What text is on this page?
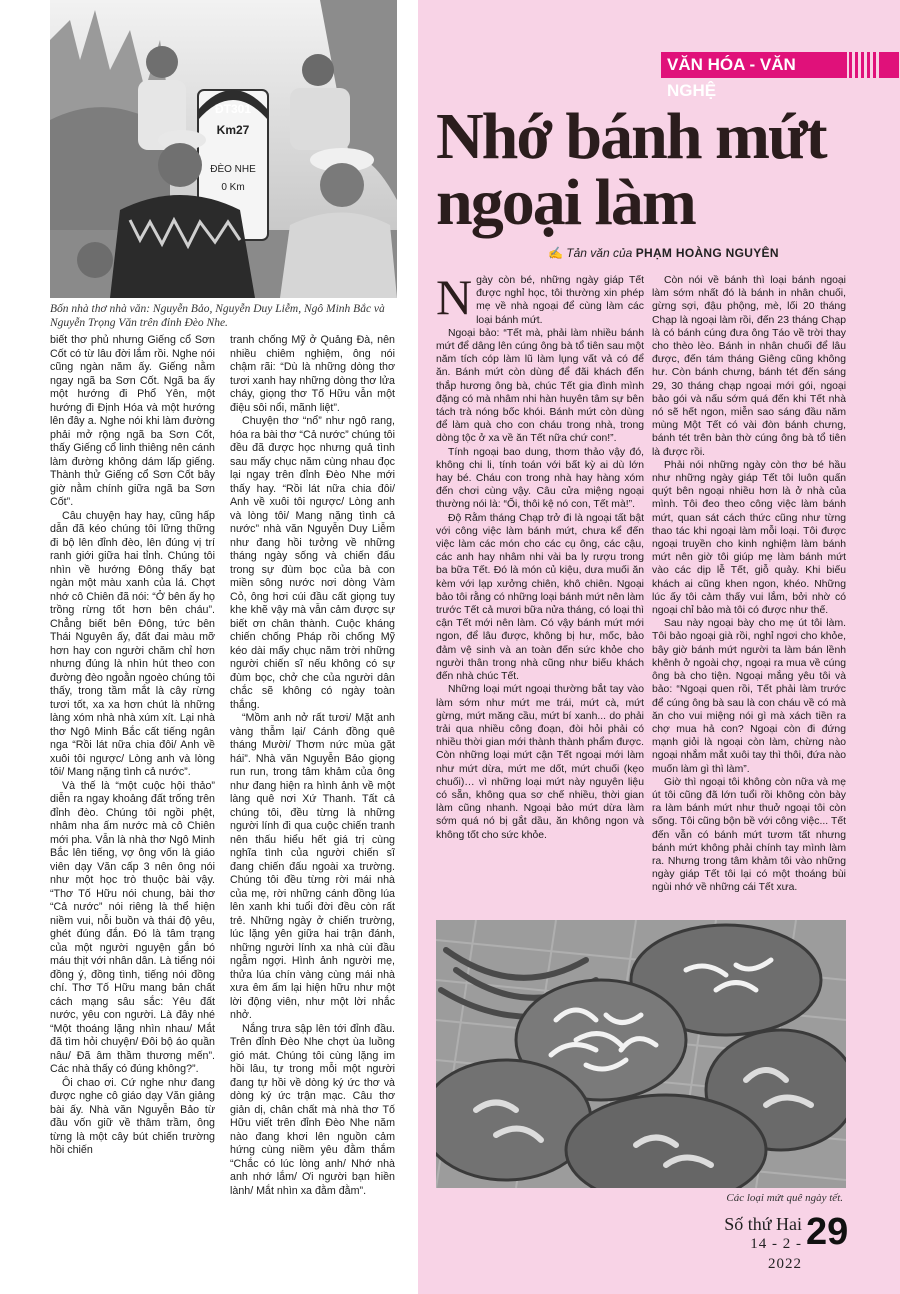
VĂN HÓA - VĂN NGHỆ
ĐT301
Km27
ĐÈO NHE
0 Km
Bốn nhà thơ nhà văn: Nguyễn Bảo, Nguyễn Duy Liễm, Ngô Minh Bắc và Nguyễn Trọng Văn trên đỉnh Đèo Nhe.
Nhớ bánh mứt
ngoại làm
✍ Tản văn của PHẠM HOÀNG NGUYÊN

biết thơ phủ nhưng Giếng cổ Sơn Cốt có từ lâu đời lắm rồi. Nghe nói cũng ngàn năm ấy. Giếng nằm ngay ngã ba Sơn Cốt. Ngã ba ấy một hướng đi Phổ Yên, một hướng đi Định Hóa và một hướng lên đây a. Nghe nói khi làm đường phải mở rộng ngã ba Sơn Cốt, thấy Giếng cổ linh thiêng nên cánh làm đường không dám lấp giếng. Thành thử Giếng cổ Sơn Cốt bây giờ nằm chính giữa ngã ba Sơn Cốt”.

Câu chuyện hay hay, cũng hấp dẫn đã kéo chúng tôi lững thững đi bộ lên đỉnh đèo, lên đúng vị trí ranh giới giữa hai tỉnh. Chúng tôi nhìn về hướng Đông thấy bạt ngàn một màu xanh của lá. Chợt nhớ cô Chiên đã nói: “Ở bên ấy họ trồng rừng tốt hơn bên cháu”. Chẳng biết bên Đông, tức bên Thái Nguyên ấy, đất đai màu mỡ hơn hay con người chăm chỉ hơn nhưng đúng là nhìn hút theo con đường đèo ngoằn ngoèo chúng tôi thấy, trong tầm mắt là cây rừng tươi tốt, xa xa hơn chút là những làng xóm nhà nhà xúm xít. Lại nhà thơ Ngô Minh Bắc cất tiếng ngân nga “Rồi lát nữa chia đôi/ Anh về xuôi tôi ngược/ Lòng anh và lòng tôi/ Mang nặng tình cả nước”.

Và thế là “một cuộc hội thảo” diễn ra ngay khoảng đất trống trên đỉnh đèo. Chúng tôi ngồi phệt, nhâm nha ấm nước mà cô Chiên mới pha. Vẫn là nhà thơ Ngô Minh Bắc lên tiếng, vợ ông vốn là giáo viên dạy Văn cấp 3 nên ông nói như một học trò thuộc bài vậy. “Thơ Tố Hữu nói chung, bài thơ “Cả nước” nói riêng là thể hiện niềm vui, nỗi buồn và thái độ yêu, ghét đúng đắn. Đó là tâm trạng của một người nguyện gắn bó máu thịt với nhân dân. Là tiếng nói đồng ý, đồng tình, tiếng nói đồng chí. Thơ Tố Hữu mang bản chất cách mạng sâu sắc: Yêu đất nước, yêu con người. Là đây nhé “Một thoáng lặng nhìn nhau/ Mắt đã tìm hỏi chuyện/ Đôi bộ áo quần nâu/ Đã âm thầm thương mến”. Các nhà thấy có đúng không?”.

Ôi chao ơi. Cứ nghe như đang được nghe cô giáo dạy Văn giảng bài ấy. Nhà văn Nguyễn Bảo từ đầu vốn giữ về thâm trầm, ông từng là một cây bút chiến trường hồi chiến

tranh chống Mỹ ở Quảng Đà, nên nhiều chiêm nghiệm, ông nói chậm rãi: “Dù là những dòng thơ tươi xanh hay những dòng thơ lửa cháy, giọng thơ Tố Hữu vẫn một điệu sôi nổi, mãnh liệt”.

Chuyện thơ “nổ” như ngô rang, hóa ra bài thơ “Cả nước” chúng tôi đều đã được học nhưng quả tình sau mấy chục năm cùng nhau đọc lại ngay trên đỉnh Đèo Nhe mới thấy hay. “Rồi lát nữa chia đôi/ Anh về xuôi tôi ngược/ Lòng anh và lòng tôi/ Mang nặng tình cả nước” nhà văn Nguyễn Duy Liễm như đang hồi tưởng về những tháng ngày sống và chiến đấu trong sự đùm bọc của bà con miền sông nước nơi dòng Vàm Cỏ, ông hơi cúi đầu cất giọng tuy khe khẽ vậy mà vẫn cảm được sự biết ơn chân thành. Cuộc kháng chiến chống Pháp rồi chống Mỹ kéo dài mấy chục năm trời những người chiến sĩ nếu không có sự đùm bọc, chở che của người dân chắc sẽ không có ngày toàn thắng.

“Mồm anh nở rất tươi/ Mặt anh vàng thẫm lại/ Cánh đồng quê tháng Mười/ Thơm nức mùa gặt hái”. Nhà văn Nguyễn Bảo giọng run run, trong tâm khảm của ông như đang hiện ra hình ảnh về một làng quê nơi Xứ Thanh. Tất cả chúng tôi, đều từng là những người lính đi qua cuộc chiến tranh nên thấu hiểu hết giá trị cùng nghĩa tình của người chiến sĩ đang chiến đấu ngoài xa trường. Chúng tôi đều từng rời mái nhà của mẹ, rời những cánh đồng lúa lên xanh khi tuổi đời đều còn rất trẻ. Những ngày ở chiến trường, lúc lặng yên giữa hai trận đánh, những người lính xa nhà cùi đầu ngẫm ngợi. Hình ảnh người mẹ, thửa lúa chín vàng cùng mái nhà xưa êm ấm lại hiện hữu như một lời động viên, như một lời nhắc nhở.

Nắng trưa sập lên tới đỉnh đầu. Trên đỉnh Đèo Nhe chợt ùa luồng gió mát. Chúng tôi cùng lặng im hồi lâu, tự trong mỗi một người đang tự hồi về dòng ký ức thơ và dòng ký ức trận mạc. Câu thơ giản dị, chân chất mà nhà thơ Tố Hữu viết trên đỉnh Đèo Nhe năm nào đang khơi lên nguồn cảm hứng cùng niềm yêu đằm thắm “Chắc có lúc lòng anh/ Nhớ nhà anh nhớ lắm/ Ơi người bạn hiền lành/ Mắt nhìn xa đằm đằm”.

Ngày còn bé, những ngày giáp Tết được nghỉ học, tôi thường xin phép mẹ về nhà ngoại để cùng làm các loại bánh mứt.

Ngoại bảo: “Tết mà, phải làm nhiều bánh mứt để dâng lên cúng ông bà tổ tiên sau một năm tích cóp làm lũ làm lụng vất vả có để ăn. Bánh mứt còn dùng để đãi khách đến thắp hương ông bà, chúc Tết gia đình mình đặng có mà nhâm nhi hàn huyên tâm sự bên tách trà nóng bốc khói. Bánh mứt còn dùng để làm quà cho con cháu trong nhà, trong dòng tộc ở xa về ăn Tết nữa chứ con!”.

Tính ngoại bao dung, thơm thảo vậy đó, không chi li, tính toán với bất kỳ ai dù lớn hay bé. Cháu con trong nhà hay hàng xóm đến chơi cùng vậy. Câu cửa miệng ngoại thường nói là: “Ối, thôi kệ nó con, Tết mà!”.

Độ Rằm tháng Chạp trở đi là ngoại tất bật với công việc làm bánh mứt, chưa kể đến việc làm các món cho các cụ ông, các cậu, các anh hay nhâm nhi vài ba ly rượu trong ba bữa Tết. Đó là món củ kiệu, dưa muối ăn kèm với lạp xưởng chiên, khô chiên. Ngoại bảo tôi rằng có những loại bánh mứt nên làm trước Tết cả mươi bữa nửa tháng, có loại thì cận Tết mới nên làm. Có vậy bánh mứt mới ngon, để lâu được, không bị hư, mốc, bảo đảm vệ sinh và an toàn đến sức khỏe cho người thân trong nhà cũng như biếu khách đến nhà chúc Tết.

Những loại mứt ngoại thường bắt tay vào làm sớm như mứt me trái, mứt cà, mứt gừng, mứt măng cầu, mứt bí xanh... do phải trải qua nhiều công đoạn, đòi hỏi phải có nhiều thời gian mới thành thành phẩm được. Còn những loại mứt cận Tết ngoại mới làm như mứt dừa, mứt me dốt, mứt chuối (kẹo chuối)… vì những loại mứt này nguyên liệu có sẵn, không qua sơ chế nhiều, thời gian làm cũng nhanh. Ngoại bảo mứt dừa làm sớm quá nó bị gắt dầu, ăn không ngon và không tốt cho sức khỏe.

Còn nói về bánh thì loại bánh ngoại làm sớm nhất đó là bánh in nhân chuối, gừng sợi, đậu phộng, mè, lối 20 tháng Chạp là ngoại làm rồi, đến 23 tháng Chạp là có bánh cúng đưa ông Táo về trời thay cho thèo lèo. Bánh in nhân chuối để lâu được, đến tám tháng Giêng cũng không hư. Còn bánh chưng, bánh tét đến sáng 29, 30 tháng chạp ngoại mới gói, ngoại bảo gói và nấu sớm quá đến khi Tết nhà nó sẽ hết ngon, miễn sao sáng đầu năm mùng Một Tết có vài đòn bánh chưng, bánh tét trên bàn thờ cúng ông bà tổ tiên là được rồi.

Phải nói những ngày còn thơ bé hầu như những ngày giáp Tết tôi luôn quấn quýt bên ngoại nhiều hơn là ở nhà của mình. Tôi đeo theo công việc làm bánh mứt, quan sát cách thức cũng như từng thao tác khi ngoại làm mỗi loại. Tôi được ngoại truyền cho kinh nghiệm làm bánh mứt nên giờ tôi giúp mẹ làm bánh mứt vào các dịp lễ Tết, giỗ quảy. Khi biếu khách ai cũng khen ngon, khéo. Những lúc ấy tôi cảm thấy vui lắm, bởi nhờ có ngoại chỉ bảo mà tôi có được như thế.

Sau này ngoại bày cho mẹ út tôi làm. Tôi bảo ngoại già rồi, nghỉ ngơi cho khỏe, bây giờ bánh mứt người ta làm bán lềnh khênh ở ngoài chợ, ngoại ra mua về cúng ông bà cho tiện. Ngoại mắng yêu tôi và bảo: “Ngoại quen rồi, Tết phải làm trước để cúng ông bà sau là con cháu về có mà ăn cho vui miệng nói gì mà xách tiền ra chợ mua hả con? Ngoại còn đi đứng mạnh giỏi là ngoại còn làm, chừng nào ngoại nhắm mắt xuôi tay thì thôi, đứa nào muốn làm gì thì làm”.

Giờ thì ngoại tôi không còn nữa và mẹ út tôi cũng đã lớn tuổi rồi không còn bày ra làm bánh mứt như thuở ngoại tôi còn sống. Tôi cũng bộn bề với công việc... Tết đến vẫn có bánh mứt tươm tất nhưng bánh mứt không phải chính tay mình làm ra. Nhưng trong tâm khảm tôi vào những ngày giáp Tết tôi lại có một thoáng bùi ngùi nhớ về những cái Tết xưa.

Các loại mứt quê ngày tết.
Số thứ Hai
14 - 2 - 2022
29
